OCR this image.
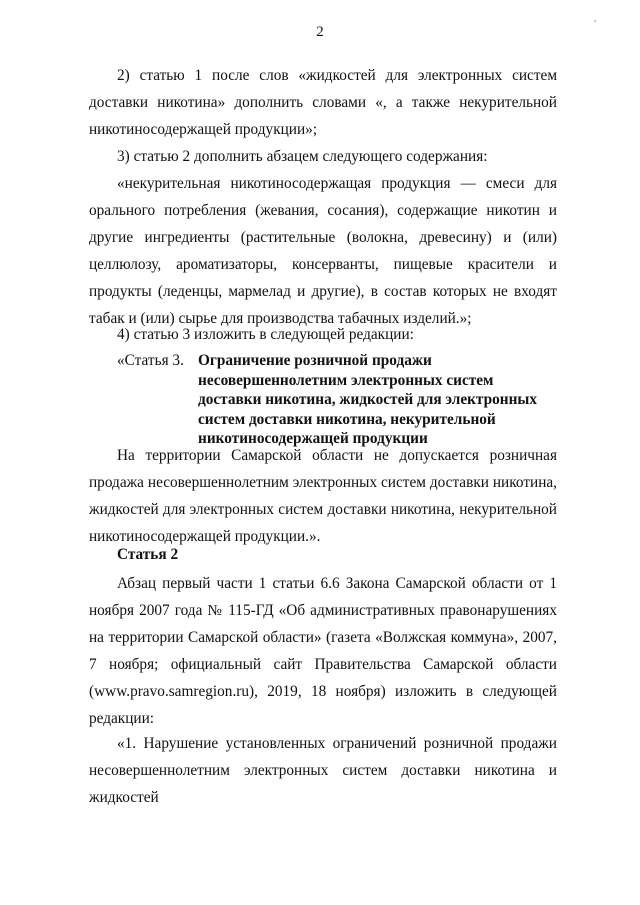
˛
2

2) статью 1 после слов «жидкостей для электронных систем доставки никотина» дополнить словами «, а также некурительной никотиносодержащей продукции»;

3) статью 2 дополнить абзацем следующего содержания:

«некурительная никотиносодержащая продукция — смеси для орального потребления (жевания, сосания), содержащие никотин и другие ингредиенты (растительные (волокна, древесину) и (или) целлюлозу, ароматизаторы, консерванты, пищевые красители и продукты (леденцы, мармелад и другие), в состав которых не входят табак и (или) сырье для производства табачных изделий.»;

4) статью 3 изложить в следующей редакции:

«Статья 3. Ограничение розничной продажи несовершеннолетним электронных систем доставки никотина, жидкостей для электронных систем доставки никотина, некурительной никотиносодержащей продукции

На территории Самарской области не допускается розничная продажа несовершеннолетним электронных систем доставки никотина, жидкостей для электронных систем доставки никотина, некурительной никотиносодержащей продукции.».

Статья 2

Абзац первый части 1 статьи 6.6 Закона Самарской области от 1 ноября 2007 года № 115-ГД «Об административных правонарушениях на территории Самарской области» (газета «Волжская коммуна», 2007, 7 ноября; официальный сайт Правительства Самарской области (www.pravo.samregion.ru), 2019, 18 ноября) изложить в следующей редакции:

«1. Нарушение установленных ограничений розничной продажи несовершеннолетним электронных систем доставки никотина и жидкостей
